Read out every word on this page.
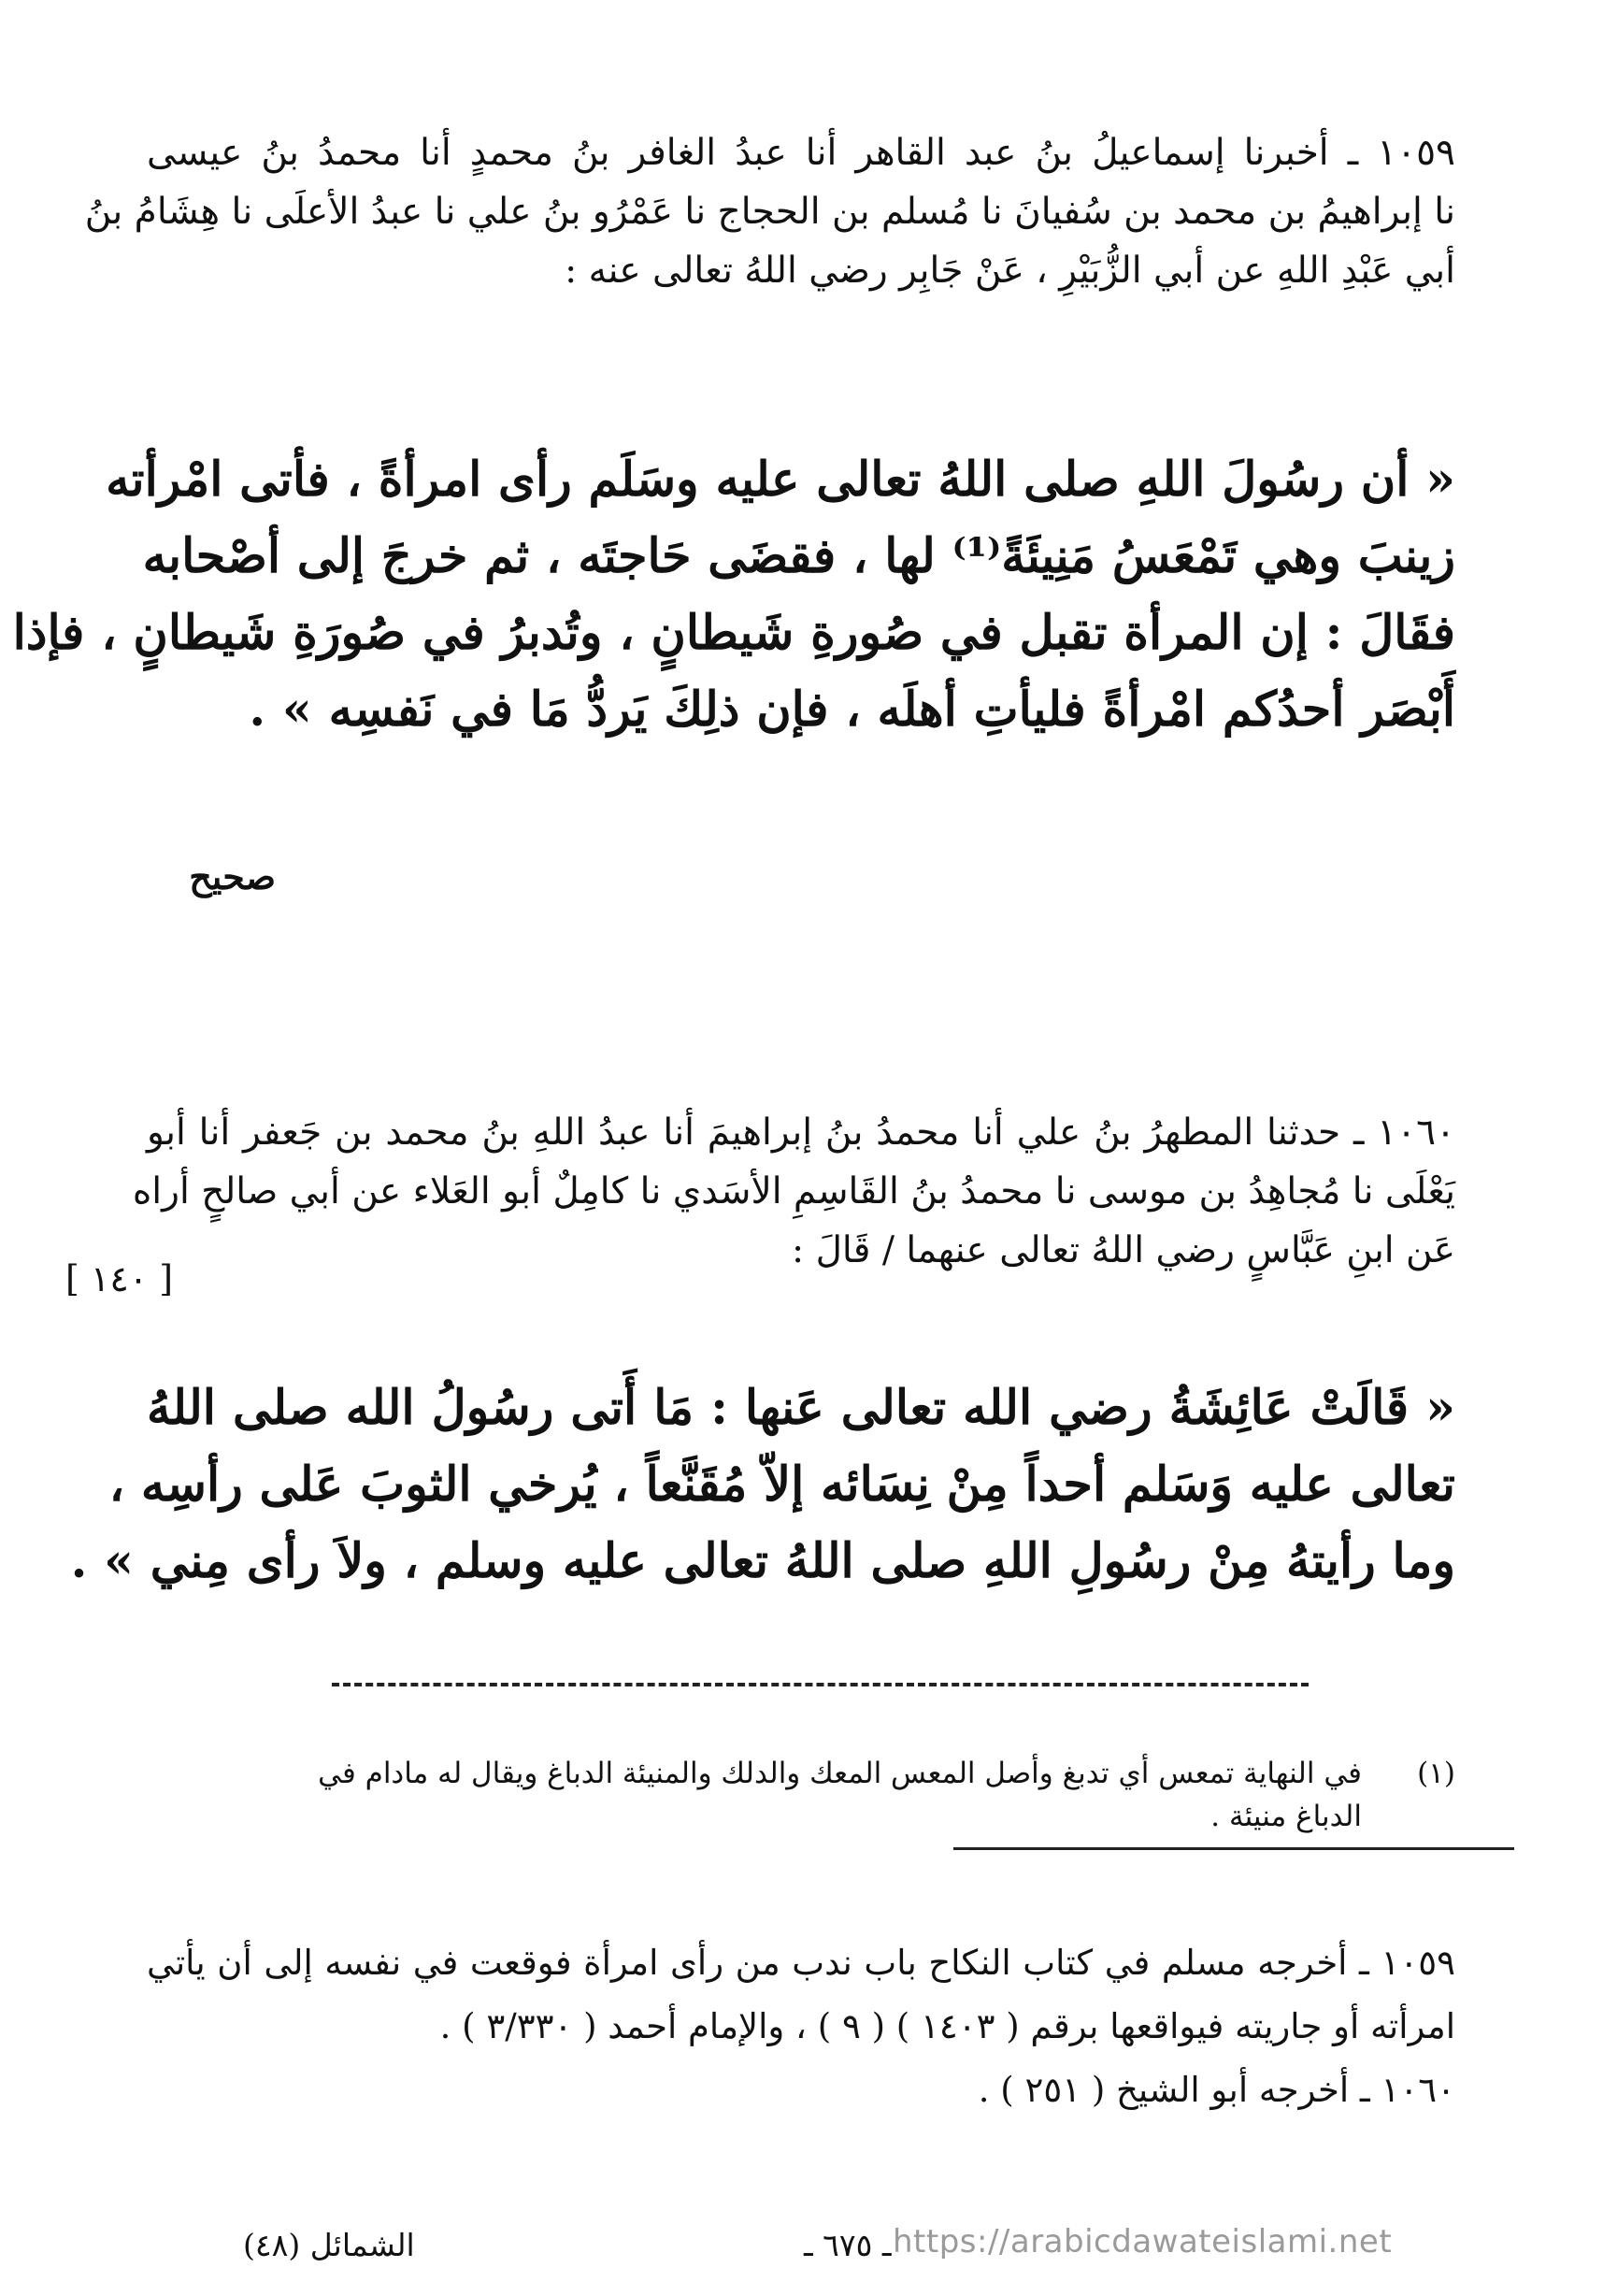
١٠٥٩ ـ أخبرنا إسماعيلُ بنُ عبد القاهر أنا عبدُ الغافر بنُ محمدٍ أنا محمدُ بنُ عيسى
نا إبراهيمُ بن محمد بن سُفيانَ نا مُسلم بن الحجاج نا عَمْرُو بنُ علي نا عبدُ الأعلَى نا هِشَامُ بنُ
أبي عَبْدِ اللهِ عن أبي الزُّبَيْرِ ، عَنْ جَابِر رضي اللهُ تعالى عنه :
« أن رسُولَ اللهِ صلى اللهُ تعالى عليه وسَلَم رأى امرأةً ، فأتى امْرأته
زينبَ وهي تَمْعَسُ مَنِيئَةً⁽¹⁾ لها ، فقضَى حَاجتَه ، ثم خرجَ إلى أصْحابه
فقَالَ : إن المرأة تقبل في صُورةِ شَيطانٍ ، وتُدبرُ في صُورَةِ شَيطانٍ ، فإذا
أَبْصَر أحدُكم امْرأةً فليأتِ أهلَه ، فإن ذلِكَ يَردُّ مَا في نَفسِه » .
صحيح
١٠٦٠ ـ حدثنا المطهرُ بنُ علي أنا محمدُ بنُ إبراهيمَ أنا عبدُ اللهِ بنُ محمد بن جَعفر أنا أبو
يَعْلَى نا مُجاهِدُ بن موسى نا محمدُ بنُ القَاسِمِ الأسَدي نا كامِلٌ أبو العَلاء عن أبي صالحٍ أراه
عَن ابنِ عَبَّاسٍ رضي اللهُ تعالى عنهما / قَالَ :
[ ١٤٠ ]
« قَالَتْ عَائِشَةُ رضي الله تعالى عَنها : مَا أَتى رسُولُ الله صلى اللهُ
تعالى عليه وَسَلم أحداً مِنْ نِسَائه إلاّ مُقَنَّعاً ، يُرخي الثوبَ عَلى رأسِه ،
وما رأيتهُ مِنْ رسُولِ اللهِ صلى اللهُ تعالى عليه وسلم ، ولاَ رأى مِني » .
(١)
في النهاية تمعس أي تدبغ وأصل المعس المعك والدلك والمنيئة الدباغ ويقال له مادام في الدباغ منيئة .
١٠٥٩ ـ أخرجه مسلم في كتاب النكاح باب ندب من رأى امرأة فوقعت في نفسه إلى أن يأتي
امرأته أو جاريته فيواقعها برقم ( ١٤٠٣ ) ( ٩ ) ، والإمام أحمد ( ٣/٣٣٠ ) .
١٠٦٠ ـ أخرجه أبو الشيخ ( ٢٥١ ) .
الشمائل (٤٨)	ـ ٦٧٥ ـ https://arabicdawateislami.net
